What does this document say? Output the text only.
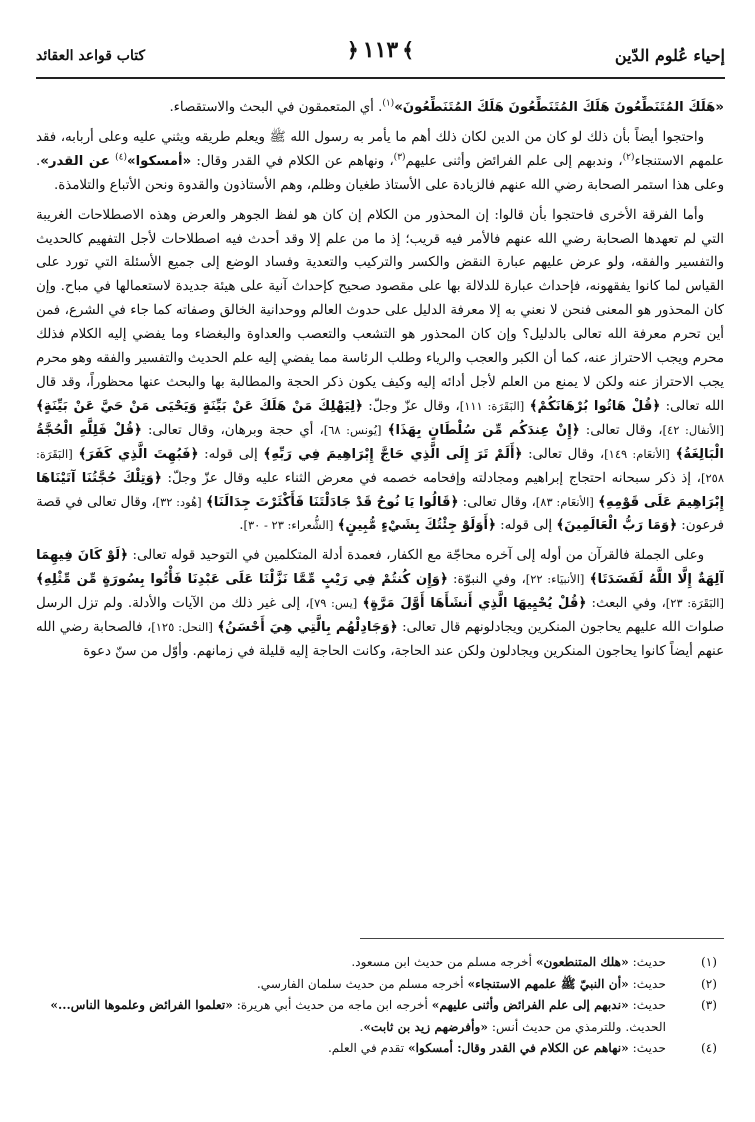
إحياء عُلوم الدّين
﴾١١٣﴿
كتاب قواعد العقائد

«هَلَكَ المُتَنَطِّعُونَ هَلَكَ المُتَنَطِّعُونَ هَلَكَ المُتَنَطِّعُونَ»$^{(١)}$. أي المتعمقون في البحث والاستقصاء.

واحتجوا أيضاً بأن ذلك لو كان من الدين لكان ذلك أهم ما يأمر به رسول الله ﷺ ويعلم طريقه ويثني عليه وعلى أربابه، فقد علمهم الاستنجاء$^{(٢)}$، وندبهم إلى علم الفرائض وأثنى عليهم$^{(٣)}$، ونهاهم عن الكلام في القدر وقال: «أمسكوا»$^{(٤)}$ عن القدر». وعلى هذا استمر الصحابة رضي الله عنهم فالزيادة على الأستاذ طغيان وظلم، وهم الأستاذون والقدوة ونحن الأتباع والتلامذة.

وأما الفرقة الأخرى فاحتجوا بأن قالوا: إن المحذور من الكلام إن كان هو لفظ الجوهر والعرض وهذه الاصطلاحات الغريبة التي لم تعهدها الصحابة رضي الله عنهم فالأمر فيه قريب؛ إذ ما من علم إلا وقد أحدث فيه اصطلاحات لأجل التفهيم كالحديث والتفسير والفقه، ولو عرض عليهم عبارة النقض والكسر والتركيب والتعدية وفساد الوضع إلى جميع الأسئلة التي تورد على القياس لما كانوا يفقهونه، فإحداث عبارة للدلالة بها على مقصود صحيح كإحداث آنية على هيئة جديدة لاستعمالها في مباح. وإن كان المحذور هو المعنى فنحن لا نعني به إلا معرفة الدليل على حدوث العالم ووحدانية الخالق وصفاته كما جاء في الشرع، فمن أين تحرم معرفة الله تعالى بالدليل؟ وإن كان المحذور هو التشعب والتعصب والعداوة والبغضاء وما يفضي إليه الكلام فذلك محرم ويجب الاحتراز عنه، كما أن الكبر والعجب والرياء وطلب الرئاسة مما يفضي إليه علم الحديث والتفسير والفقه وهو محرم يجب الاحتراز عنه ولكن لا يمنع من العلم لأجل أدائه إليه وكيف يكون ذكر الحجة والمطالبة بها والبحث عنها محظوراً، وقد قال الله تعالى: ﴿قُلْ هَاتُوا بُرْهَانَكُمْ﴾ [البَقَرَة: ١١١]، وقال عزّ وجلّ: ﴿لِيَهْلِكَ مَنْ هَلَكَ عَنْ بَيِّنَةٍ وَيَحْيَى مَنْ حَيَّ عَنْ بَيِّنَةٍ﴾ [الأنفال: ٤٢]، وقال تعالى: ﴿إِنْ عِندَكُم مِّن سُلْطَانٍ بِهَذَا﴾ [يُونس: ٦٨]، أي حجة وبرهان، وقال تعالى: ﴿قُلْ فَلِلَّهِ الْحُجَّةُ الْبَالِغَةُ﴾ [الأنعَام: ١٤٩]، وقال تعالى: ﴿أَلَمْ تَرَ إِلَى الَّذِي حَاجَّ إِبْرَاهِيمَ فِي رَبِّهِ﴾ إلى قوله: ﴿فَبُهِتَ الَّذِي كَفَرَ﴾ [البَقَرَة: ٢٥٨]، إذ ذكر سبحانه احتجاج إبراهيم ومجادلته وإفحامه خصمه في معرض الثناء عليه وقال عزّ وجلّ: ﴿وَتِلْكَ حُجَّتُنَا آتَيْنَاهَا إِبْرَاهِيمَ عَلَى قَوْمِهِ﴾ [الأنعَام: ٨٣]، وقال تعالى: ﴿قَالُوا يَا نُوحُ قَدْ جَادَلْتَنَا فَأَكْثَرْتَ جِدَالَنَا﴾ [هُود: ٣٢]، وقال تعالى في قصة فرعون: ﴿وَمَا رَبُّ الْعَالَمِينَ﴾ إلى قوله: ﴿أَوَلَوْ جِئْتُكَ بِشَيْءٍ مُّبِينٍ﴾ [الشُّعراء: ٢٣ - ٣٠].

وعلى الجملة فالقرآن من أوله إلى آخره محاجّة مع الكفار، فعمدة أدلة المتكلمين في التوحيد قوله تعالى: ﴿لَوْ كَانَ فِيهِمَا آلِهَةٌ إِلَّا اللَّهُ لَفَسَدَتَا﴾ [الأنبيَاء: ٢٢]، وفي النبوّة: ﴿وَإِن كُنتُمْ فِي رَيْبٍ مِّمَّا نَزَّلْنَا عَلَى عَبْدِنَا فَأْتُوا بِسُورَةٍ مِّن مِّثْلِهِ﴾ [البَقَرَة: ٢٣]، وفي البعث: ﴿قُلْ يُحْيِيهَا الَّذِي أَنشَأَهَا أَوَّلَ مَرَّةٍ﴾ [يس: ٧٩]، إلى غير ذلك من الآيات والأدلة. ولم تزل الرسل صلوات الله عليهم يحاجون المنكرين ويجادلونهم قال تعالى: ﴿وَجَادِلْهُم بِالَّتِي هِيَ أَحْسَنُ﴾ [النحل: ١٢٥]، فالصحابة رضي الله عنهم أيضاً كانوا يحاجون المنكرين ويجادلون ولكن عند الحاجة، وكانت الحاجة إليه قليلة في زمانهم. وأوّل من سنّ دعوة

(١)
حديث: «هلك المتنطعون» أخرجه مسلم من حديث ابن مسعود.

(٢)
حديث: «أن النبيّ ﷺ علمهم الاستنجاء» أخرجه مسلم من حديث سلمان الفارسي.

(٣)
حديث: «ندبهم إلى علم الفرائض وأثنى عليهم» أخرجه ابن ماجه من حديث أبي هريرة: «تعلموا الفرائض وعلموها الناس...» الحديث. وللترمذي من حديث أنس: «وأفرضهم زيد بن ثابت».

(٤)
حديث: «نهاهم عن الكلام في القدر وقال: أمسكوا» تقدم في العلم.
